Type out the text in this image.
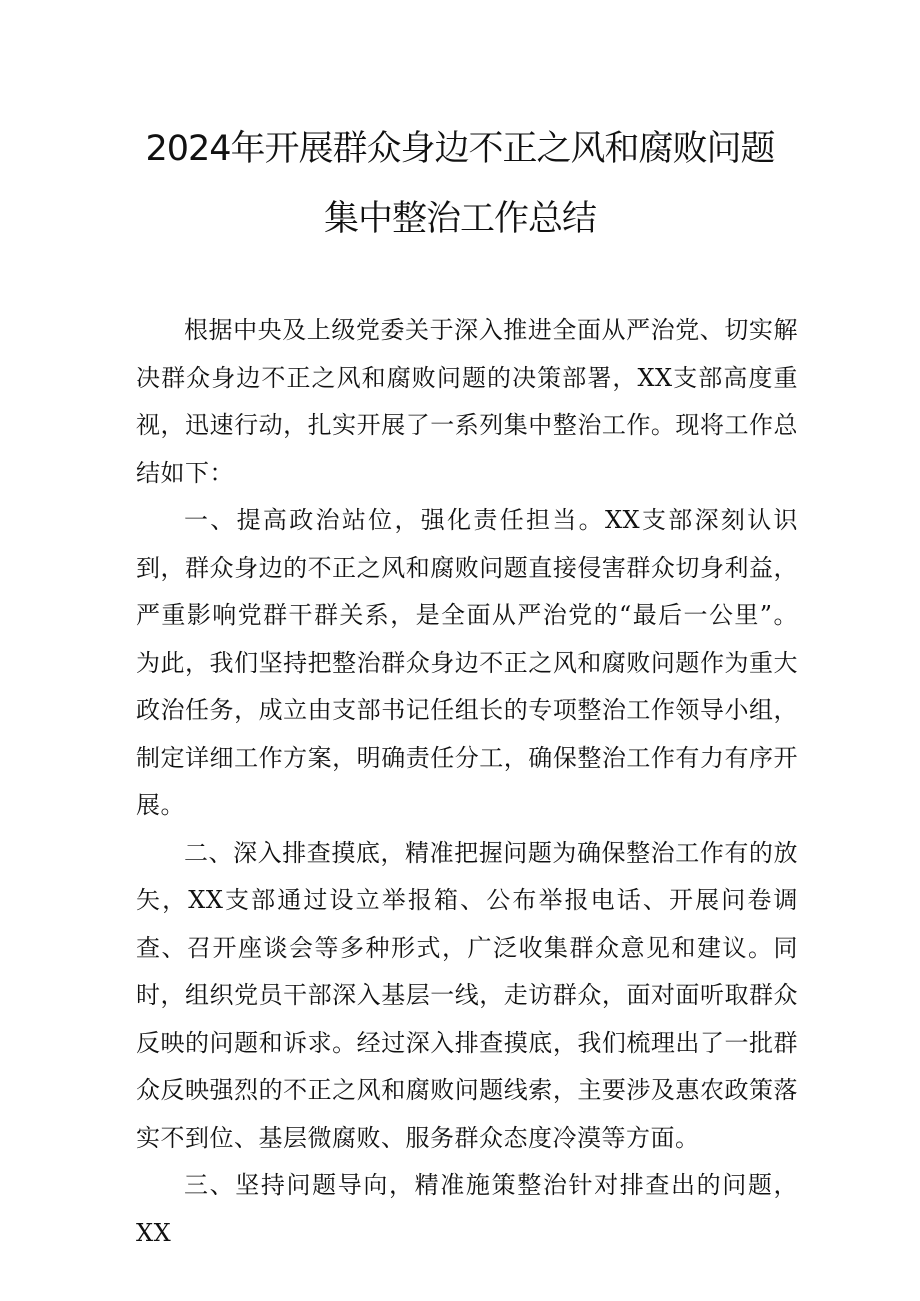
2024年开展群众身边不正之风和腐败问题
集中整治工作总结

根据中央及上级党委关于深入推进全面从严治党、切实解决群众身边不正之风和腐败问题的决策部署，XX支部高度重视，迅速行动，扎实开展了一系列集中整治工作。现将工作总结如下：

一、提高政治站位，强化责任担当。XX支部深刻认识到，群众身边的不正之风和腐败问题直接侵害群众切身利益，严重影响党群干群关系，是全面从严治党的“最后一公里”。为此，我们坚持把整治群众身边不正之风和腐败问题作为重大政治任务，成立由支部书记任组长的专项整治工作领导小组，制定详细工作方案，明确责任分工，确保整治工作有力有序开展。

二、深入排查摸底，精准把握问题为确保整治工作有的放矢，XX支部通过设立举报箱、公布举报电话、开展问卷调查、召开座谈会等多种形式，广泛收集群众意见和建议。同时，组织党员干部深入基层一线，走访群众，面对面听取群众反映的问题和诉求。经过深入排查摸底，我们梳理出了一批群众反映强烈的不正之风和腐败问题线索，主要涉及惠农政策落实不到位、基层微腐败、服务群众态度冷漠等方面。

三、坚持问题导向，精准施策整治针对排查出的问题，XX
